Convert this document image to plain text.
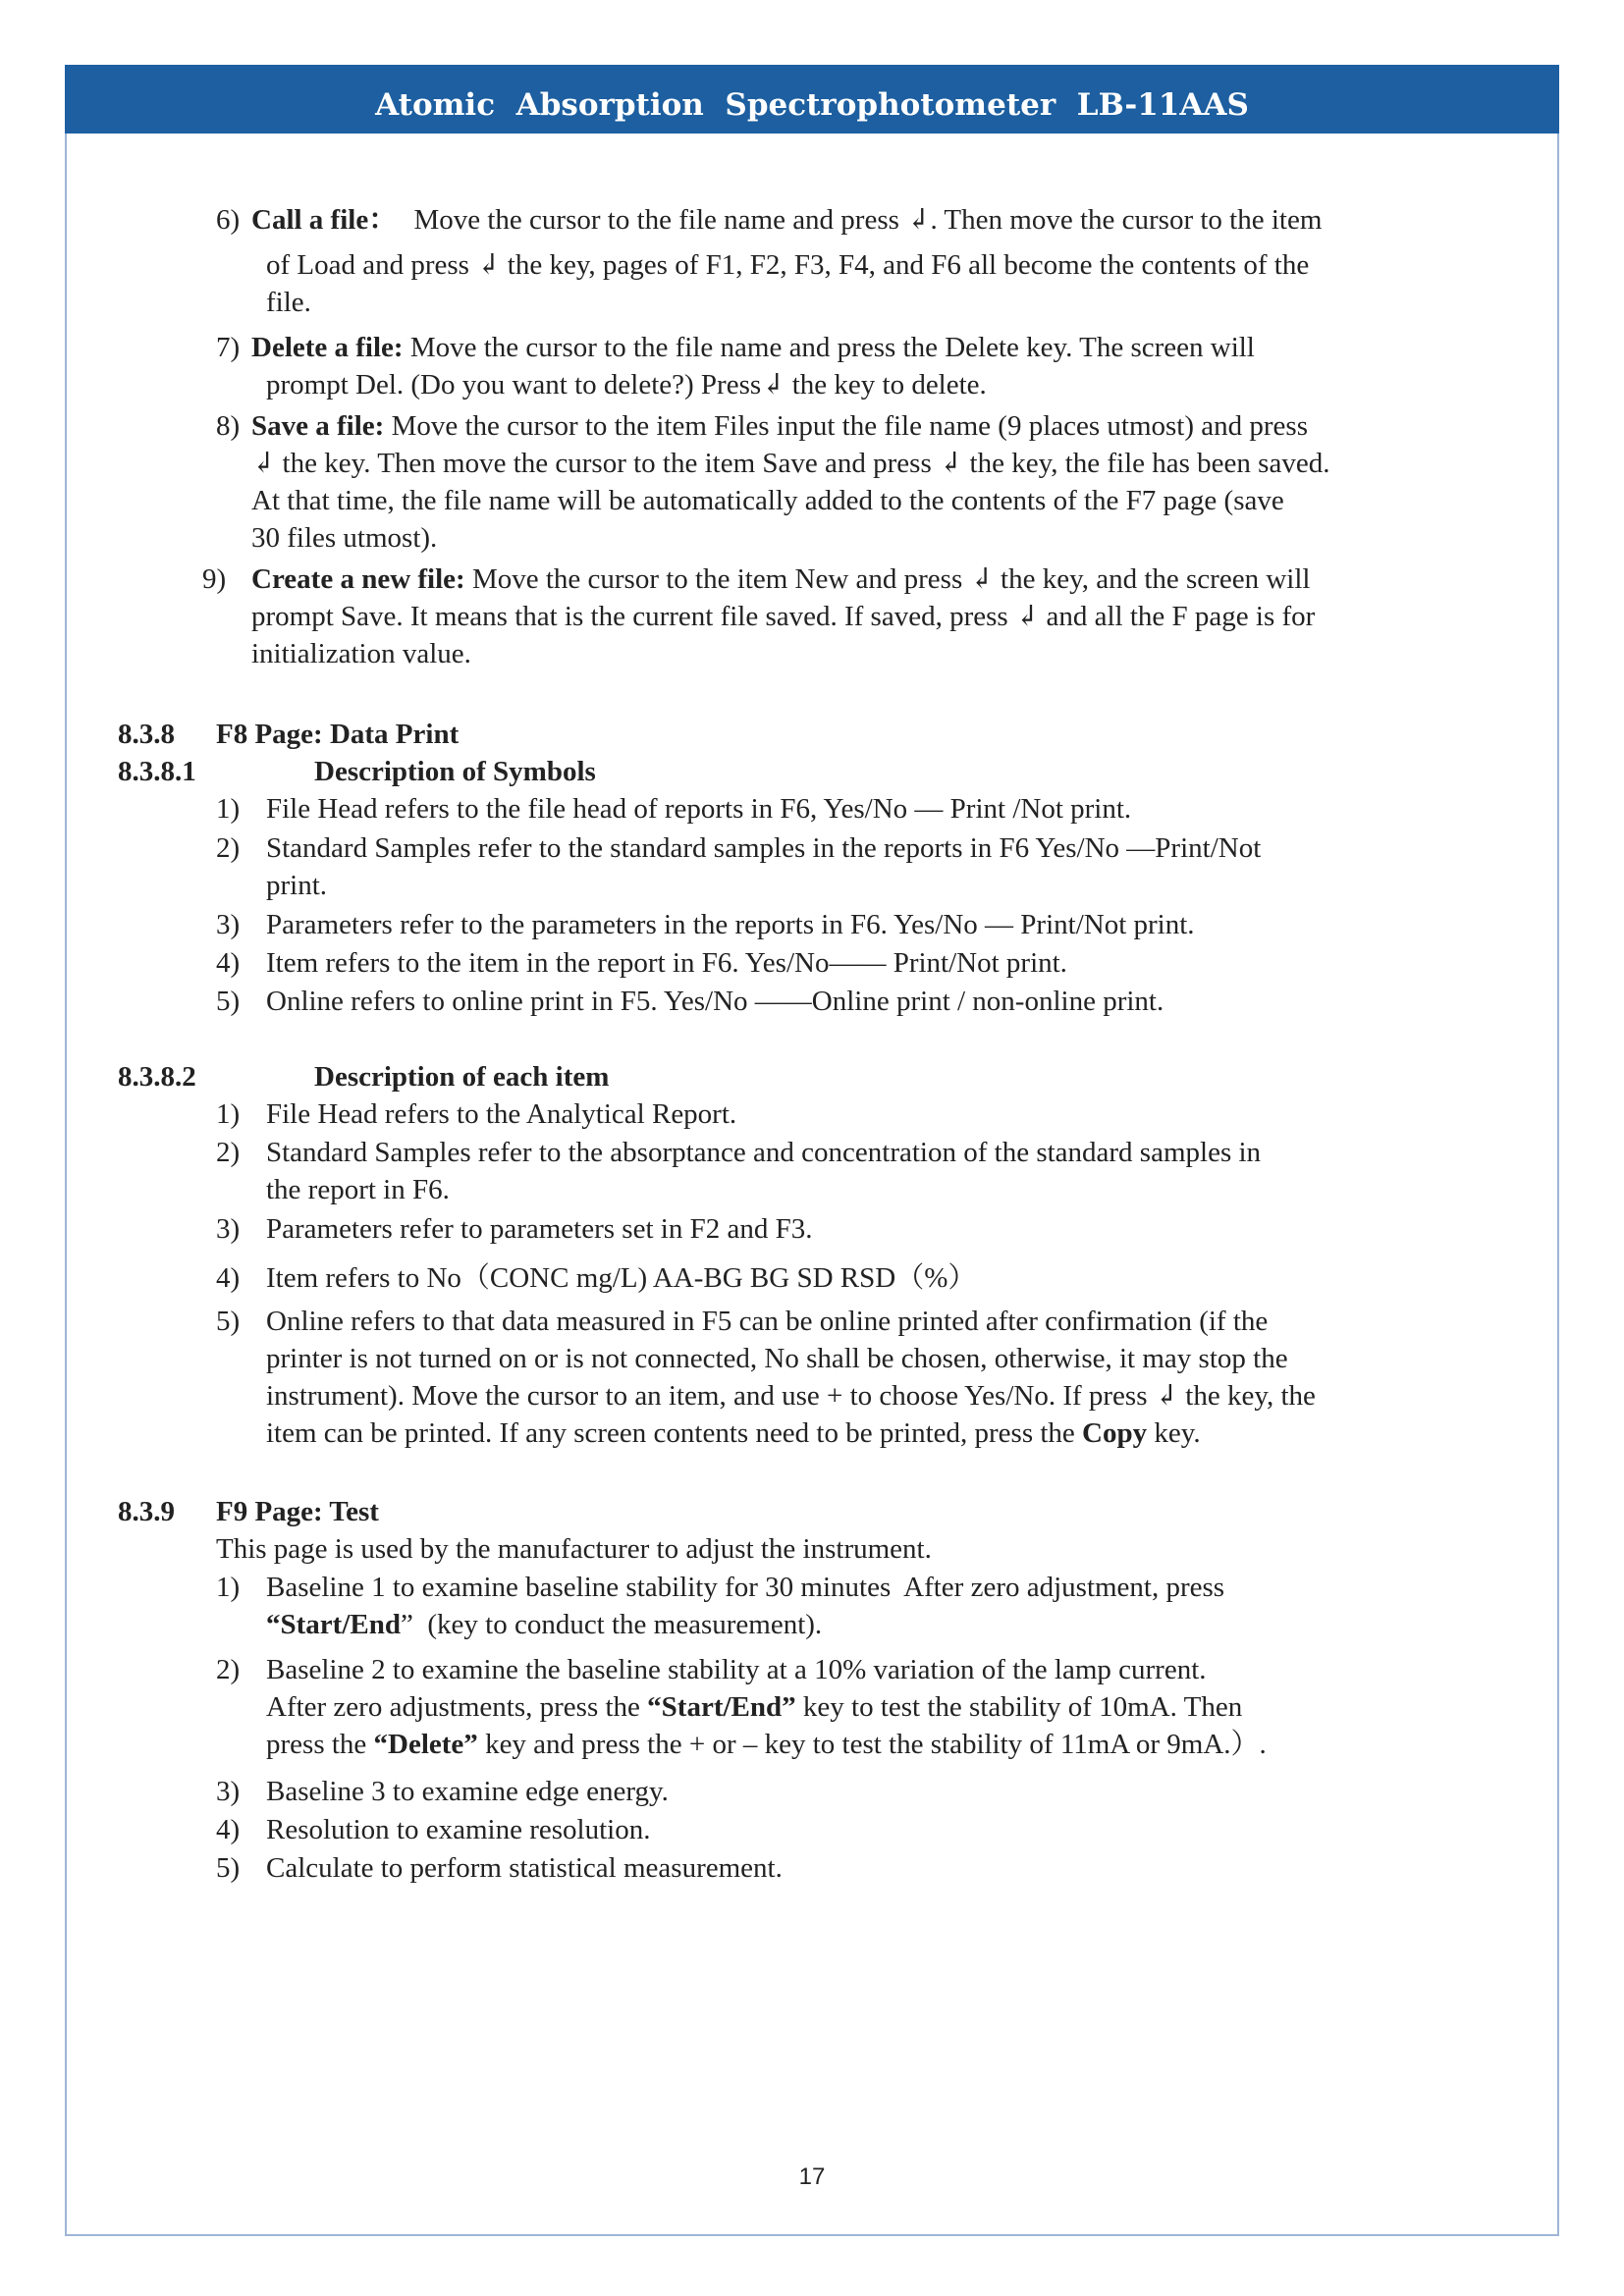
Atomic  Absorption  Spectrophotometer  LB-11AAS
6) Call a file： Move the cursor to the file name and press ↲. Then move the cursor to the item
of Load and press ↲ the key, pages of F1, F2, F3, F4, and F6 all become the contents of the
file.
7) Delete a file: Move the cursor to the file name and press the Delete key. The screen will
prompt Del. (Do you want to delete?) Press↲ the key to delete.
8) Save a file: Move the cursor to the item Files input the file name (9 places utmost) and press
↲ the key. Then move the cursor to the item Save and press ↲ the key, the file has been saved.
At that time, the file name will be automatically added to the contents of the F7 page (save
30 files utmost).
9) Create a new file: Move the cursor to the item New and press ↲ the key, and the screen will
prompt Save. It means that is the current file saved. If saved, press ↲ and all the F page is for
initialization value.
8.3.8 F8 Page: Data Print
8.3.8.1	Description of Symbols
1) File Head refers to the file head of reports in F6, Yes/No — Print /Not print.
2) Standard Samples refer to the standard samples in the reports in F6 Yes/No —Print/Not
print.
3) Parameters refer to the parameters in the reports in F6. Yes/No — Print/Not print.
4) Item refers to the item in the report in F6. Yes/No—— Print/Not print.
5) Online refers to online print in F5. Yes/No ——Online print / non-online print.
8.3.8.2	Description of each item
1) File Head refers to the Analytical Report.
2) Standard Samples refer to the absorptance and concentration of the standard samples in
the report in F6.
3) Parameters refer to parameters set in F2 and F3.
4) Item refers to No（CONC mg/L) AA-BG BG SD RSD（%）
5) Online refers to that data measured in F5 can be online printed after confirmation (if the
printer is not turned on or is not connected, No shall be chosen, otherwise, it may stop the
instrument). Move the cursor to an item, and use + to choose Yes/No. If press ↲ the key, the
item can be printed. If any screen contents need to be printed, press the Copy key.
8.3.9 F9 Page: Test
This page is used by the manufacturer to adjust the instrument.
1) Baseline 1 to examine baseline stability for 30 minutes  After zero adjustment, press
“Start/End”  (key to conduct the measurement).
2) Baseline 2 to examine the baseline stability at a 10% variation of the lamp current.
After zero adjustments, press the “Start/End” key to test the stability of 10mA. Then
press the “Delete” key and press the + or – key to test the stability of 11mA or 9mA.）.
3) Baseline 3 to examine edge energy.
4) Resolution to examine resolution.
5) Calculate to perform statistical measurement.
17
